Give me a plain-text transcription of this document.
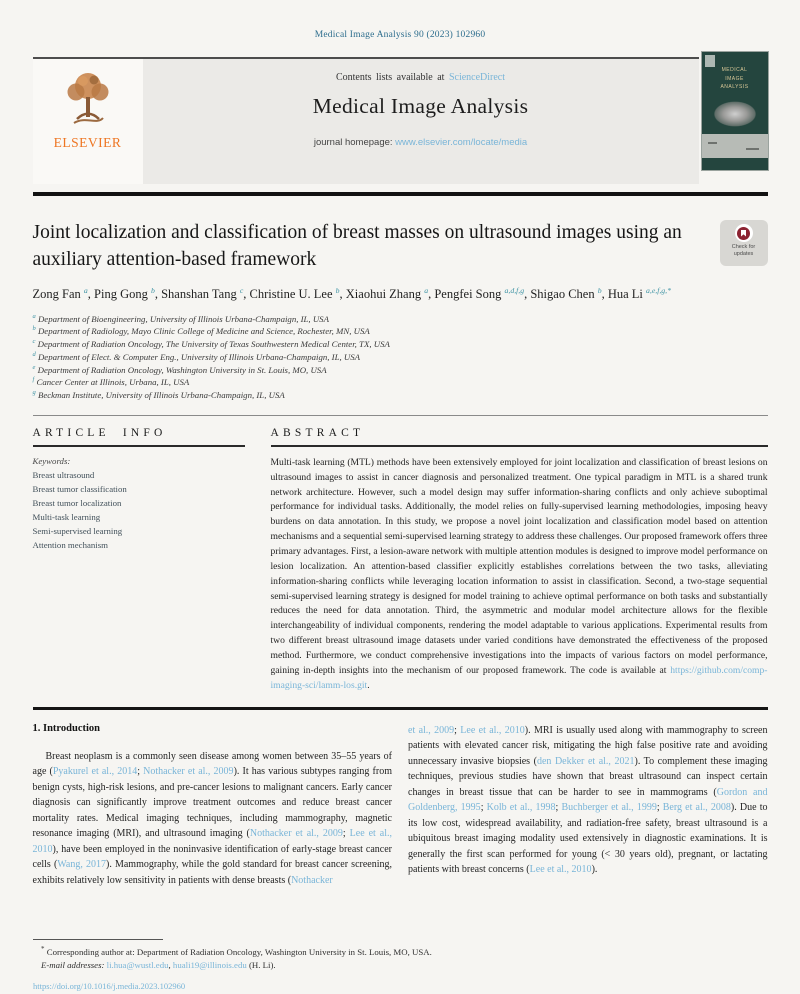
Medical Image Analysis 90 (2023) 102960
ELSEVIER
Contents lists available at ScienceDirect
Medical Image Analysis
journal homepage: www.elsevier.com/locate/media
MEDICAL IMAGE ANALYSIS
Joint localization and classification of breast masses on ultrasound images using an auxiliary attention-based framework
Check for updates
Zong Fan $^a$, Ping Gong $^b$, Shanshan Tang $^c$, Christine U. Lee $^b$, Xiaohui Zhang $^a$, Pengfei Song $^{a,d,f,g}$, Shigao Chen $^b$, Hua Li $^{a,e,f,g,*}$
$^a$ Department of Bioengineering, University of Illinois Urbana-Champaign, IL, USA
$^b$ Department of Radiology, Mayo Clinic College of Medicine and Science, Rochester, MN, USA
$^c$ Department of Radiation Oncology, The University of Texas Southwestern Medical Center, TX, USA
$^d$ Department of Elect. & Computer Eng., University of Illinois Urbana-Champaign, IL, USA
$^e$ Department of Radiation Oncology, Washington University in St. Louis, MO, USA
$^f$ Cancer Center at Illinois, Urbana, IL, USA
$^g$ Beckman Institute, University of Illinois Urbana-Champaign, IL, USA
ARTICLE INFO
Keywords:
Breast ultrasound
Breast tumor classification
Breast tumor localization
Multi-task learning
Semi-supervised learning
Attention mechanism
ABSTRACT

Multi-task learning (MTL) methods have been extensively employed for joint localization and classification of breast lesions on ultrasound images to assist in cancer diagnosis and personalized treatment. One typical paradigm in MTL is a shared trunk network architecture. However, such a model design may suffer information-sharing conflicts and only achieve suboptimal performance for individual tasks. Additionally, the model relies on fully-supervised learning methodologies, imposing heavy burdens on data annotation. In this study, we propose a novel joint localization and classification model based on attention mechanisms and a sequential semi-supervised learning strategy to address these challenges. Our proposed framework offers three primary advantages. First, a lesion-aware network with multiple attention modules is designed to improve model performance on lesion localization. An attention-based classifier explicitly establishes correlations between the two tasks, alleviating information-sharing conflicts while leveraging location information to assist in classification. Second, a two-stage sequential semi-supervised learning strategy is designed for model training to achieve optimal performance on both tasks and substantially reduces the need for data annotation. Third, the asymmetric and modular model architecture allows for the flexible interchangeability of individual components, rendering the model adaptable to various applications. Experimental results from two different breast ultrasound image datasets under varied conditions have demonstrated the effectiveness of the proposed method. Furthermore, we conduct comprehensive investigations into the impacts of various factors on model performance, gaining in-depth insights into the mechanism of our proposed framework. The code is available at https://github.com/comp-imaging-sci/lamm-los.git.

1. Introduction

Breast neoplasm is a commonly seen disease among women between 35–55 years of age (Pyakurel et al., 2014; Nothacker et al., 2009). It has various subtypes ranging from benign cysts, high-risk lesions, and pre-cancer lesions to malignant cancers. Early cancer diagnosis can significantly improve treatment outcomes and reduce breast cancer mortality rates. Medical imaging techniques, including mammography, magnetic resonance imaging (MRI), and ultrasound imaging (Nothacker et al., 2009; Lee et al., 2010), have been employed in the noninvasive identification of early-stage breast cancer cells (Wang, 2017). Mammography, while the gold standard for breast cancer screening, exhibits relatively low sensitivity in patients with dense breasts (Nothacker

et al., 2009; Lee et al., 2010). MRI is usually used along with mammography to screen patients with elevated cancer risk, mitigating the high false positive rate and avoiding unnecessary invasive biopsies (den Dekker et al., 2021). To complement these imaging techniques, previous studies have shown that breast ultrasound can inspect certain changes in breast tissue that can be harder to see in mammograms (Gordon and Goldenberg, 1995; Kolb et al., 1998; Buchberger et al., 1999; Berg et al., 2008). Due to its low cost, widespread availability, and radiation-free safety, breast ultrasound is a ubiquitous breast imaging modality used extensively in diagnostic examinations. It is generally the first scan performed for young (< 30 years old), pregnant, or lactating patients with breast concerns (Lee et al., 2010).

* Corresponding author at: Department of Radiation Oncology, Washington University in St. Louis, MO, USA.
E-mail addresses: li.hua@wustl.edu, huali19@illinois.edu (H. Li).
https://doi.org/10.1016/j.media.2023.102960
